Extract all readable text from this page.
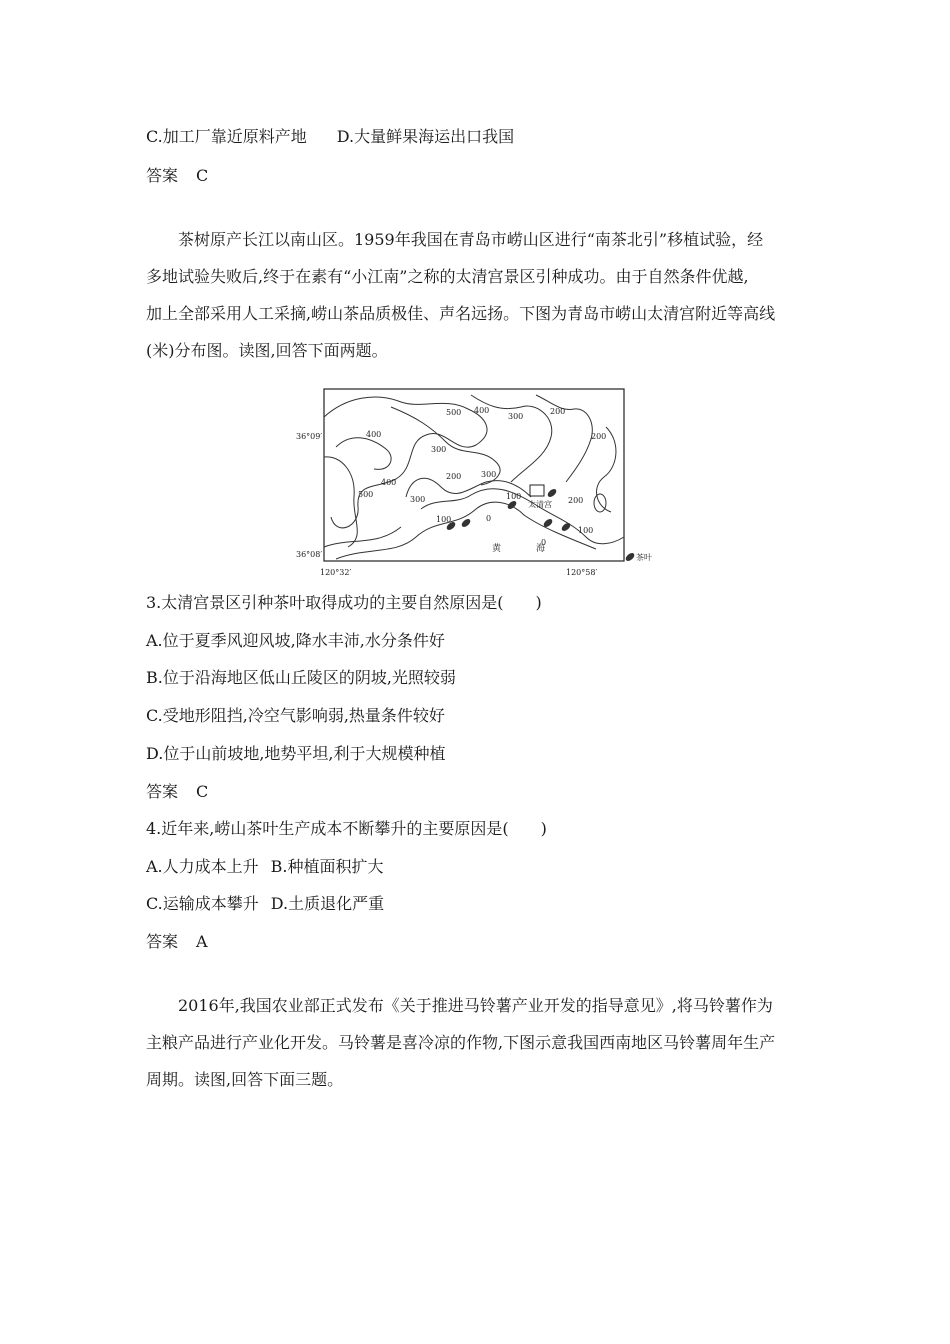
C.加工厂靠近原料产地 D.大量鲜果海运出口我国
答案 C
茶树原产长江以南山区。1959年我国在青岛市崂山区进行“南茶北引”移植试验，经
多地试验失败后,终于在素有“小江南”之称的太清宫景区引种成功。由于自然条件优越,
加上全部采用人工采摘,崂山茶品质极佳、声名远扬。下图为青岛市崂山太清宫附近等高线
(米)分布图。读图,回答下面两题。
500 400
300
200
400
300
500
400
300
200
300
200
200
100
100	0
100
0
太清宫
黄	海
36°09′
36°08′
120°32′	120°58′
茶叶
3.太清宫景区引种茶叶取得成功的主要自然原因是(　　)
A.位于夏季风迎风坡,降水丰沛,水分条件好
B.位于沿海地区低山丘陵区的阴坡,光照较弱
C.受地形阻挡,冷空气影响弱,热量条件较好
D.位于山前坡地,地势平坦,利于大规模种植
答案 C
4.近年来,崂山茶叶生产成本不断攀升的主要原因是(　　)
A.人力成本上升 B.种植面积扩大
C.运输成本攀升 D.土质退化严重
答案 A
2016年,我国农业部正式发布《关于推进马铃薯产业开发的指导意见》,将马铃薯作为
主粮产品进行产业化开发。马铃薯是喜冷凉的作物,下图示意我国西南地区马铃薯周年生产
周期。读图,回答下面三题。
